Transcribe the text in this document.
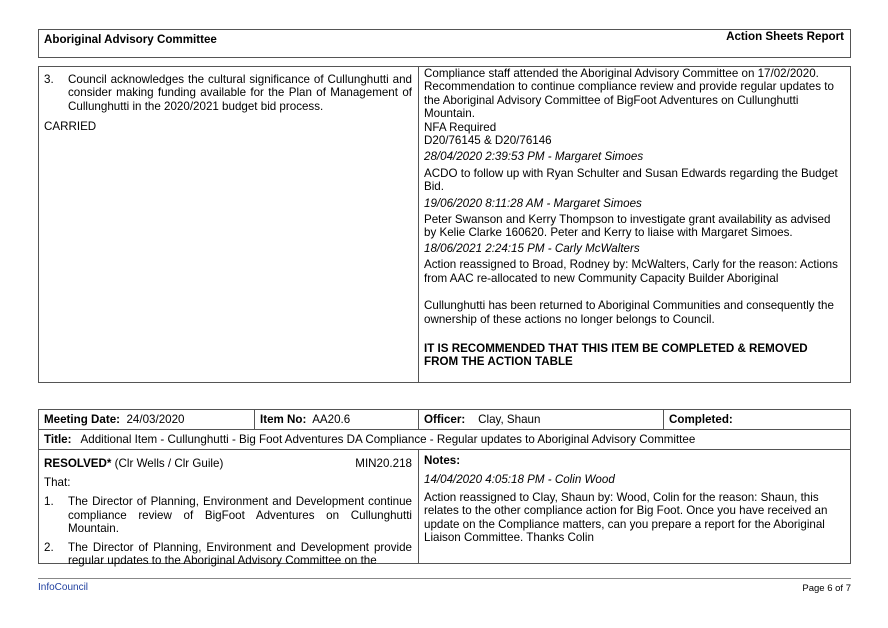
Aboriginal Advisory Committee	Action Sheets Report
3. Council acknowledges the cultural significance of Cullunghutti and consider making funding available for the Plan of Management of Cullunghutti in the 2020/2021 budget bid process.
CARRIED
Compliance staff attended the Aboriginal Advisory Committee on 17/02/2020.
Recommendation to continue compliance review and provide regular updates to
the Aboriginal Advisory Committee of BigFoot Adventures on Cullunghutti
Mountain.
NFA Required
D20/76145 & D20/76146
28/04/2020 2:39:53 PM - Margaret Simoes
ACDO to follow up with Ryan Schulter and Susan Edwards regarding the Budget
Bid.
19/06/2020 8:11:28 AM - Margaret Simoes
Peter Swanson and Kerry Thompson to investigate grant availability as advised
by Kelie Clarke 160620. Peter and Kerry to liaise with Margaret Simoes.
18/06/2021 2:24:15 PM - Carly McWalters
Action reassigned to Broad, Rodney by: McWalters, Carly for the reason: Actions
from AAC re-allocated to new Community Capacity Builder Aboriginal
Cullunghutti has been returned to Aboriginal Communities and consequently the
ownership of these actions no longer belongs to Council.
IT IS RECOMMENDED THAT THIS ITEM BE COMPLETED & REMOVED
FROM THE ACTION TABLE
Meeting Date: 24/03/2020	Item No: AA20.6	Officer: Clay, Shaun	Completed:
Title: Additional Item - Cullunghutti - Big Foot Adventures DA Compliance - Regular updates to Aboriginal Advisory Committee
RESOLVED* (Clr Wells / Clr Guile)	MIN20.218
That:
1. The Director of Planning, Environment and Development continue compliance review of BigFoot Adventures on Cullunghutti Mountain.
2. The Director of Planning, Environment and Development provide regular updates to the Aboriginal Advisory Committee on the
Notes:
14/04/2020 4:05:18 PM - Colin Wood
Action reassigned to Clay, Shaun by: Wood, Colin for the reason: Shaun, this
relates to the other compliance action for Big Foot. Once you have received an
update on the Compliance matters, can you prepare a report for the Aboriginal
Liaison Committee. Thanks Colin
InfoCouncil	Page 6 of 7
